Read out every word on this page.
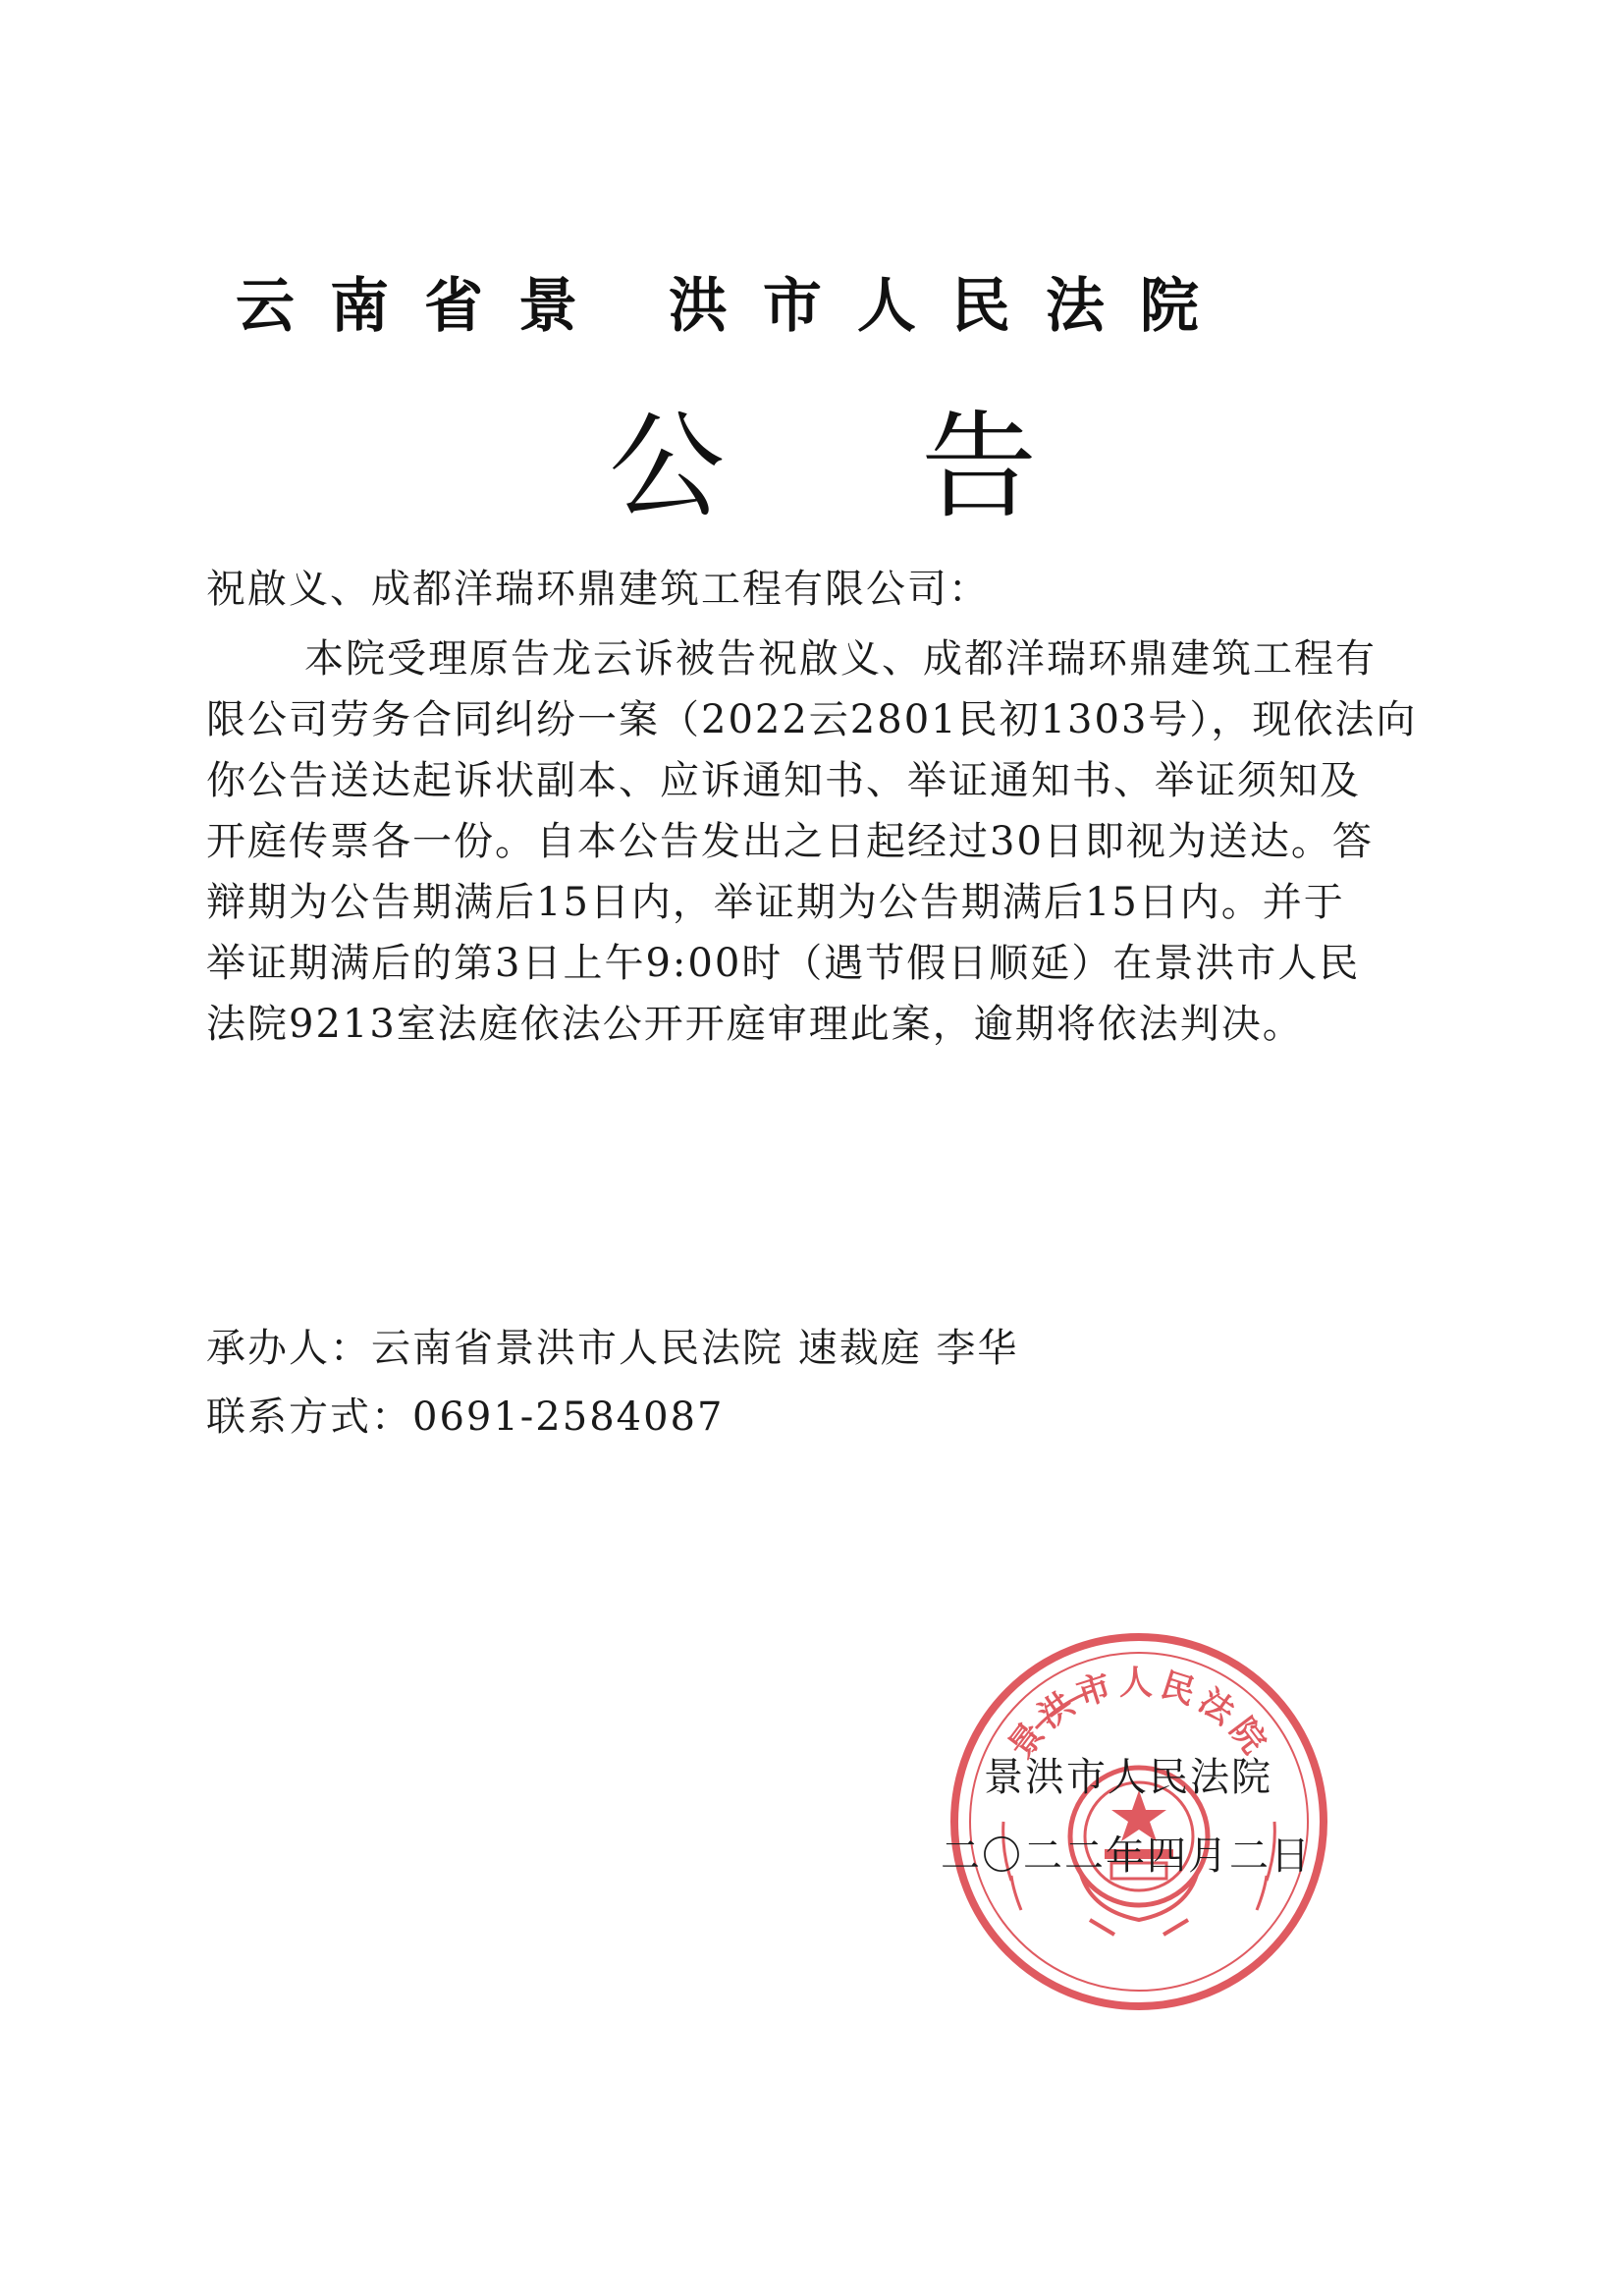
云南省景 洪市人民法院
公告
祝啟义、成都洋瑞环鼎建筑工程有限公司：
本院受理原告龙云诉被告祝啟义、成都洋瑞环鼎建筑工程有
限公司劳务合同纠纷一案（2022云2801民初1303号），现依法向
你公告送达起诉状副本、应诉通知书、举证通知书、举证须知及
开庭传票各一份。自本公告发出之日起经过30日即视为送达。答
辩期为公告期满后15日内，举证期为公告期满后15日内。并于
举证期满后的第3日上午9:00时（遇节假日顺延）在景洪市人民
法院9213室法庭依法公开开庭审理此案，逾期将依法判决。
承办人：云南省景洪市人民法院 速裁庭 李华
联系方式：0691-2584087
景洪市人民法院
景洪市人民法院
二〇二二年四月二日
